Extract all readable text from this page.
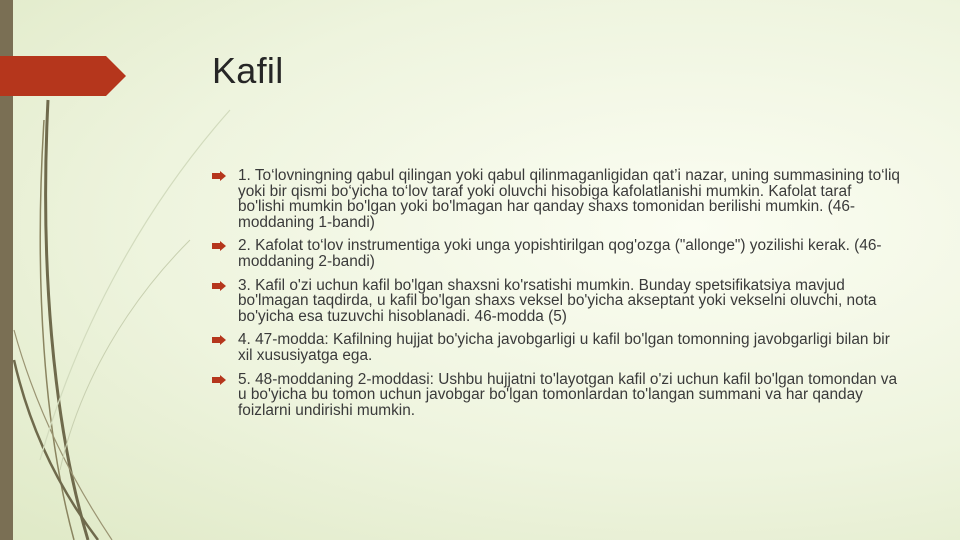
Kafil
1. To‘lovningning qabul qilingan yoki qabul qilinmaganligidan qat’i nazar, uning summasining to‘liq yoki bir qismi bo‘yicha to‘lov taraf yoki oluvchi hisobiga kafolatlanishi mumkin. Kafolat taraf bo'lishi mumkin bo'lgan yoki bo'lmagan har qanday shaxs tomonidan berilishi mumkin. (46-moddaning 1-bandi)
2. Kafolat to‘lov instrumentiga yoki unga yopishtirilgan qog'ozga ("allonge") yozilishi kerak. (46-moddaning 2-bandi)
3. Kafil o'zi uchun kafil bo'lgan shaxsni ko'rsatishi mumkin. Bunday spetsifikatsiya mavjud bo'lmagan taqdirda, u kafil bo'lgan shaxs veksel bo'yicha akseptant yoki vekselni oluvchi, nota bo'yicha esa tuzuvchi hisoblanadi. 46-modda (5)
4. 47-modda: Kafilning hujjat bo'yicha javobgarligi u kafil bo'lgan tomonning javobgarligi bilan bir xil xususiyatga ega.
5. 48-moddaning 2-moddasi: Ushbu hujjatni to'layotgan kafil o'zi uchun kafil bo'lgan tomondan va u bo'yicha bu tomon uchun javobgar bo'lgan tomonlardan to'langan summani va har qanday foizlarni undirishi mumkin.
